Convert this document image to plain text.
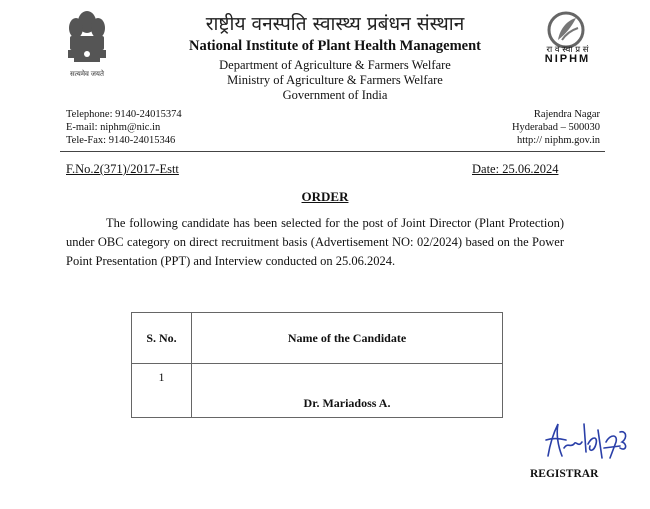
सत्यमेव जयते
राष्ट्रीय वनस्पति स्वास्थ्य प्रबंधन संस्थान
National Institute of Plant Health Management
Department of Agriculture & Farmers Welfare
Ministry of Agriculture & Farmers Welfare
Government of India
रा व स्वा प्र सं
NIPHM
Telephone: 9140-24015374
E-mail: niphm@nic.in
Tele-Fax: 9140-24015346
Rajendra Nagar
Hyderabad – 500030
http:// niphm.gov.in
F.No.2(371)/2017-Estt	Date: 25.06.2024
ORDER
The following candidate has been selected for the post of Joint Director (Plant Protection) under OBC category on direct recruitment basis (Advertisement NO: 02/2024) based on the Power Point Presentation (PPT) and Interview conducted on 25.06.2024.
S. No.	Name of the Candidate
1	Dr. Mariadoss A.
REGISTRAR
